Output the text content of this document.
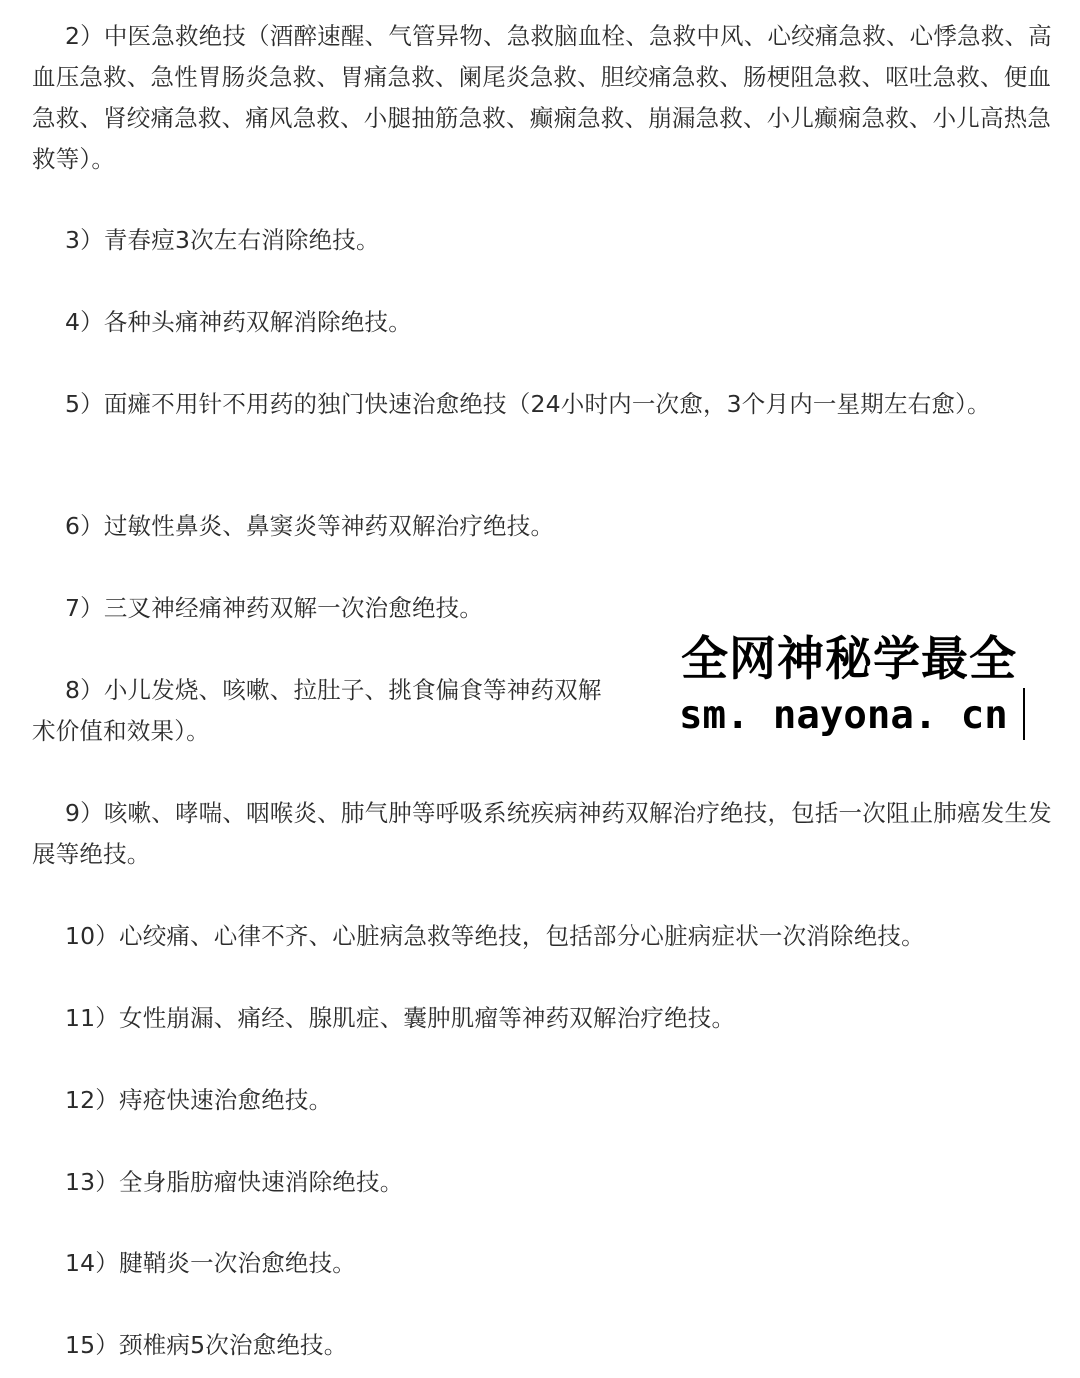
2）中医急救绝技（酒醉速醒、气管异物、急救脑血栓、急救中风、心绞痛急救、心悸急救、高血压急救、急性胃肠炎急救、胃痛急救、阑尾炎急救、胆绞痛急救、肠梗阻急救、呕吐急救、便血急救、肾绞痛急救、痛风急救、小腿抽筋急救、癫痫急救、崩漏急救、小儿癫痫急救、小儿高热急救等）。

3）青春痘3次左右消除绝技。

4）各种头痛神药双解消除绝技。

5）面瘫不用针不用药的独门快速治愈绝技（24小时内一次愈，3个月内一星期左右愈）。

6）过敏性鼻炎、鼻窦炎等神药双解治疗绝技。

7）三叉神经痛神药双解一次治愈绝技。

8）小儿发烧、咳嗽、拉肚子、挑食偏食等神药双解

术价值和效果）。

9）咳嗽、哮喘、咽喉炎、肺气肿等呼吸系统疾病神药双解治疗绝技，包括一次阻止肺癌发生发展等绝技。

10）心绞痛、心律不齐、心脏病急救等绝技，包括部分心脏病症状一次消除绝技。

11）女性崩漏、痛经、腺肌症、囊肿肌瘤等神药双解治疗绝技。

12）痔疮快速治愈绝技。

13）全身脂肪瘤快速消除绝技。

14）腱鞘炎一次治愈绝技。

15）颈椎病5次治愈绝技。

全网神秘学最全
sm. nayona. cn
